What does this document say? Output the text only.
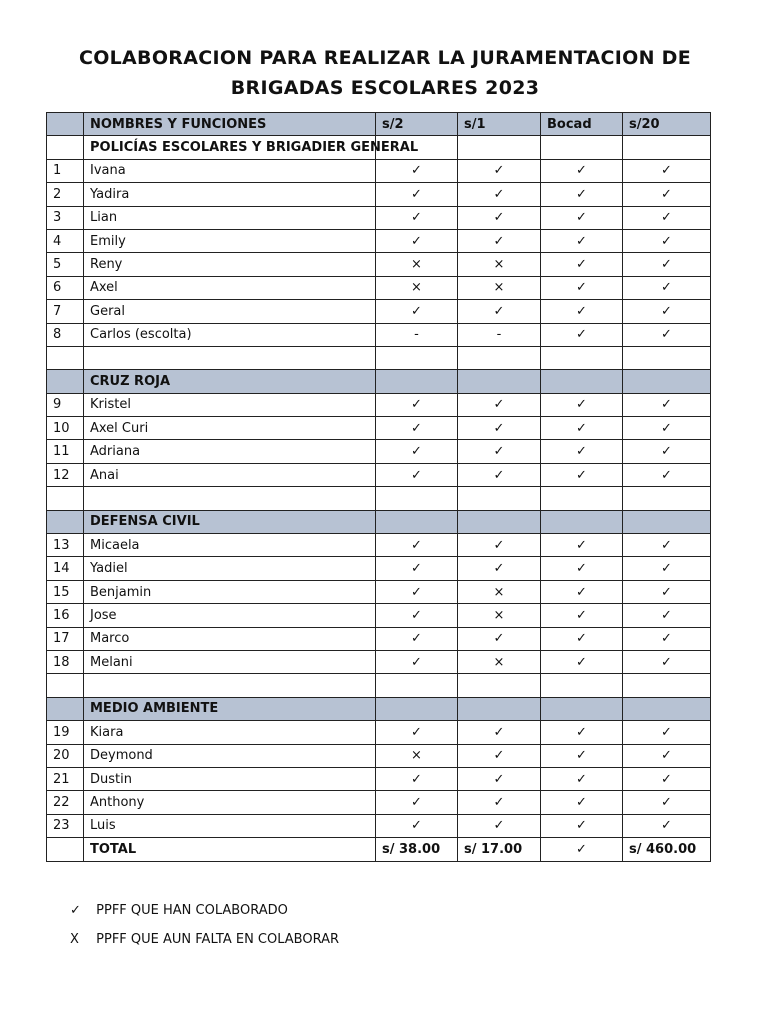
COLABORACION PARA REALIZAR LA JURAMENTACION DE
BRIGADAS ESCOLARES 2023
	NOMBRES Y FUNCIONES	s/2	s/1	Bocad	s/20
	POLICÍAS ESCOLARES Y BRIGADIER GENERAL				
1	Ivana	✓	✓	✓	✓
2	Yadira	✓	✓	✓	✓
3	Lian	✓	✓	✓	✓
4	Emily	✓	✓	✓	✓
5	Reny	×	×	✓	✓
6	Axel	×	×	✓	✓
7	Geral	✓	✓	✓	✓
8	Carlos (escolta)	-	-	✓	✓

	CRUZ ROJA				
9	Kristel	✓	✓	✓	✓
10	Axel Curi	✓	✓	✓	✓
11	Adriana	✓	✓	✓	✓
12	Anai	✓	✓	✓	✓

	DEFENSA CIVIL				
13	Micaela	✓	✓	✓	✓
14	Yadiel	✓	✓	✓	✓
15	Benjamin	✓	×	✓	✓
16	Jose	✓	×	✓	✓
17	Marco	✓	✓	✓	✓
18	Melani	✓	×	✓	✓

	MEDIO AMBIENTE				
19	Kiara	✓	✓	✓	✓
20	Deymond	×	✓	✓	✓
21	Dustin	✓	✓	✓	✓
22	Anthony	✓	✓	✓	✓
23	Luis	✓	✓	✓	✓
	TOTAL	s/ 38.00	s/ 17.00	✓	s/ 460.00
✓ PPFF QUE HAN COLABORADO
X PPFF QUE AUN FALTA EN COLABORAR
